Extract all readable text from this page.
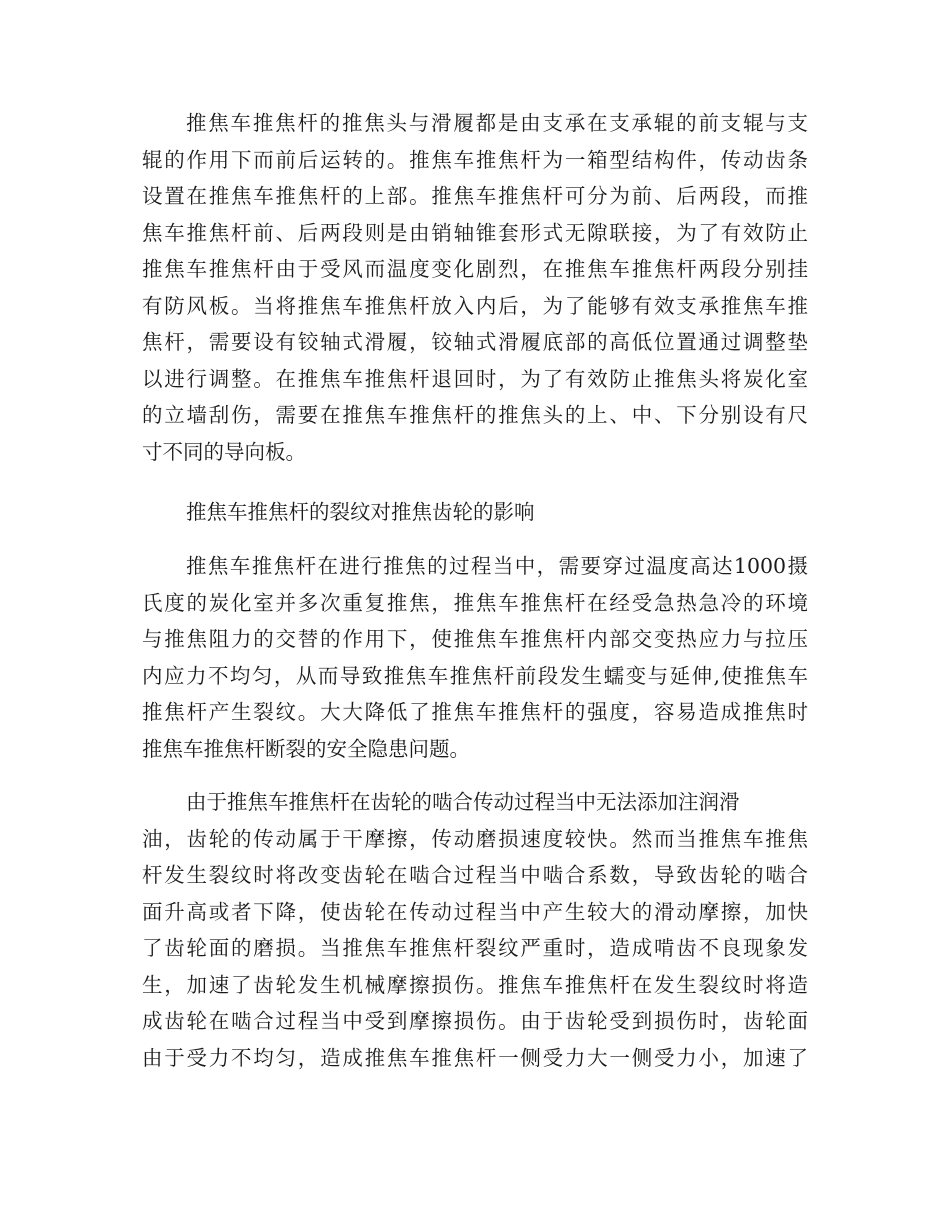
推焦车推焦杆的推焦头与滑履都是由支承在支承辊的前支辊与支
辊的作用下而前后运转的。推焦车推焦杆为一箱型结构件，传动齿条
设置在推焦车推焦杆的上部。推焦车推焦杆可分为前、后两段，而推
焦车推焦杆前、后两段则是由销轴锥套形式无隙联接，为了有效防止
推焦车推焦杆由于受风而温度变化剧烈，在推焦车推焦杆两段分别挂
有防风板。当将推焦车推焦杆放入内后，为了能够有效支承推焦车推
焦杆，需要设有铰轴式滑履，铰轴式滑履底部的高低位置通过调整垫
以进行调整。在推焦车推焦杆退回时，为了有效防止推焦头将炭化室
的立墙刮伤，需要在推焦车推焦杆的推焦头的上、中、下分别设有尺
寸不同的导向板。
推焦车推焦杆的裂纹对推焦齿轮的影响
推焦车推焦杆在进行推焦的过程当中，需要穿过温度高达1000摄
氏度的炭化室并多次重复推焦，推焦车推焦杆在经受急热急冷的环境
与推焦阻力的交替的作用下，使推焦车推焦杆内部交变热应力与拉压
内应力不均匀，从而导致推焦车推焦杆前段发生蠕变与延伸,使推焦车
推焦杆产生裂纹。大大降低了推焦车推焦杆的强度，容易造成推焦时
推焦车推焦杆断裂的安全隐患问题。
由于推焦车推焦杆在齿轮的啮合传动过程当中无法添加注润滑
油，齿轮的传动属于干摩擦，传动磨损速度较快。然而当推焦车推焦
杆发生裂纹时将改变齿轮在啮合过程当中啮合系数，导致齿轮的啮合
面升高或者下降，使齿轮在传动过程当中产生较大的滑动摩擦，加快
了齿轮面的磨损。当推焦车推焦杆裂纹严重时，造成啃齿不良现象发
生，加速了齿轮发生机械摩擦损伤。推焦车推焦杆在发生裂纹时将造
成齿轮在啮合过程当中受到摩擦损伤。由于齿轮受到损伤时，齿轮面
由于受力不均匀，造成推焦车推焦杆一侧受力大一侧受力小，加速了
